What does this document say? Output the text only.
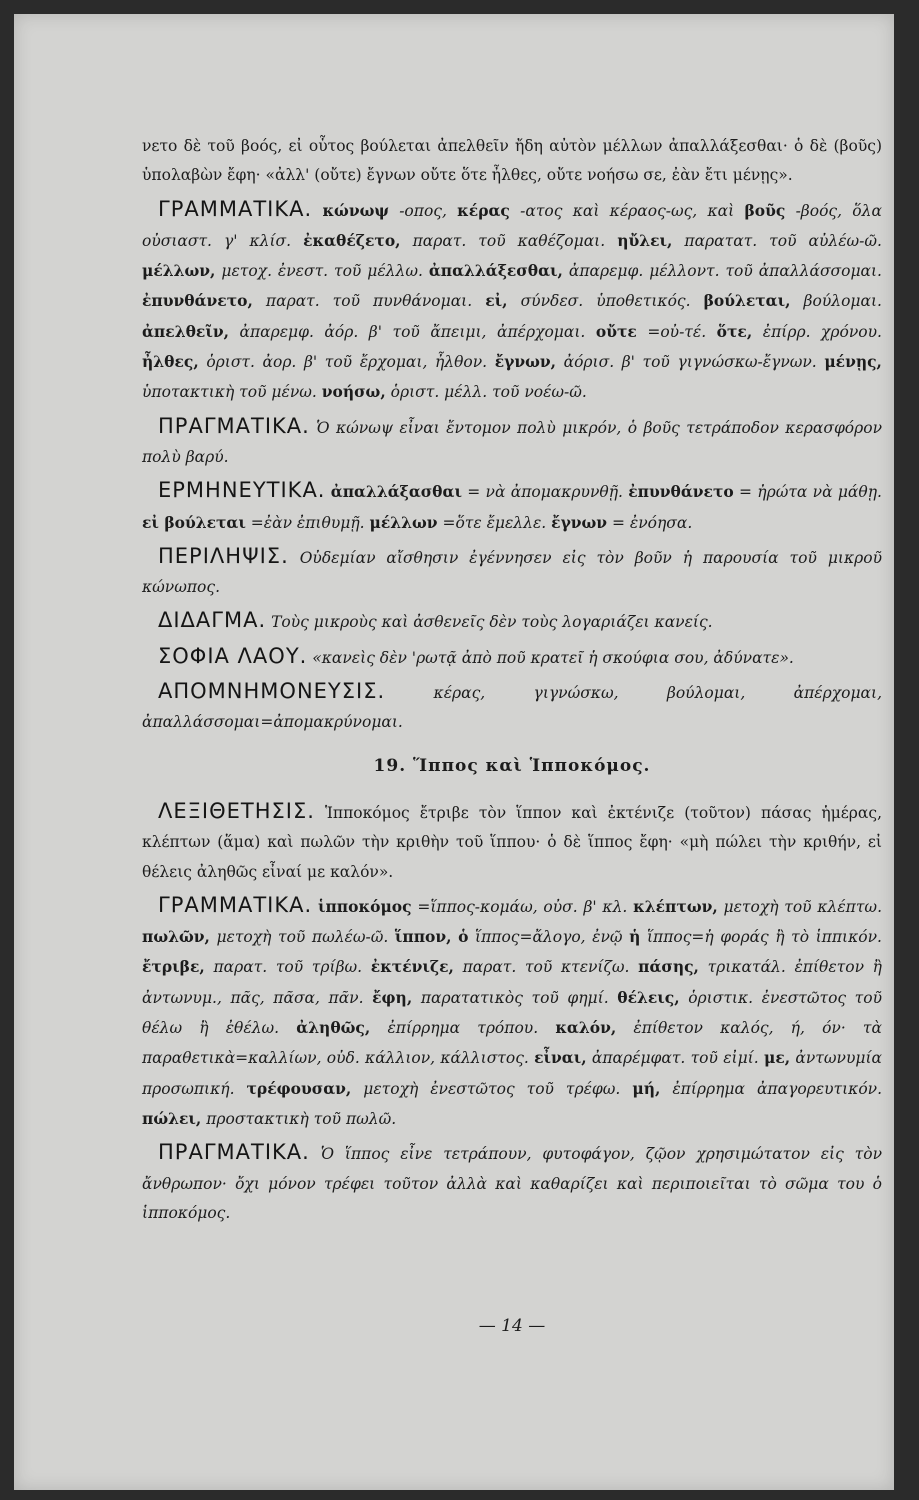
νετο δὲ τοῦ βοός, εἰ οὗτος βούλεται ἀπελθεῖν ἤδη αὐτὸν μέλλων ἀπαλλάξεσθαι· ὁ δὲ (βοῦς) ὑπολαβὼν ἔφη· «ἀλλ' (οὔτε) ἔγνων οὔτε ὅτε ἦλθες, οὔτε νοήσω σε, ἐὰν ἔτι μένῃς».

ΓΡΑΜΜΑΤΙΚΑ. κώνωψ -οπος, κέρας -ατος καὶ κέραος-ως, καὶ βοῦς -βοός, ὅλα οὐσιαστ. γ' κλίσ. ἐκαθέζετο, παρατ. τοῦ καθέζομαι. ηὔλει, παρατατ. τοῦ αὐλέω-ῶ. μέλλων, μετοχ. ἐνεστ. τοῦ μέλλω. ἀπαλλάξεσθαι, ἀπαρεμφ. μέλλοντ. τοῦ ἀπαλλάσσομαι. ἐπυνθάνετο, παρατ. τοῦ πυνθάνομαι. εἰ, σύνδεσ. ὑποθετικός. βούλεται, βούλομαι. ἀπελθεῖν, ἀπαρεμφ. ἀόρ. β' τοῦ ἄπειμι, ἀπέρχομαι. οὔτε =οὐ-τέ. ὅτε, ἐπίρρ. χρόνου. ἦλθες, ὁριστ. ἀορ. β' τοῦ ἔρχομαι, ἦλθον. ἔγνων, ἀόρισ. β' τοῦ γιγνώσκω-ἔγνων. μένῃς, ὑποτακτικὴ τοῦ μένω. νοήσω, ὁριστ. μέλλ. τοῦ νοέω-ῶ.

ΠΡΑΓΜΑΤΙΚΑ. Ὁ κώνωψ εἶναι ἔντομον πολὺ μικρόν, ὁ βοῦς τετράποδον κερασφόρον πολὺ βαρύ.

ΕΡΜΗΝΕΥΤΙΚΑ. ἀπαλλάξασθαι = νὰ ἀπομακρυνθῇ. ἐπυνθάνετο = ἠρώτα νὰ μάθῃ. εἰ βούλεται =ἐὰν ἐπιθυμῇ. μέλλων =ὅτε ἔμελλε. ἔγνων = ἐνόησα.

ΠΕΡΙΛΗΨΙΣ. Οὐδεμίαν αἴσθησιν ἐγέννησεν εἰς τὸν βοῦν ἡ παρουσία τοῦ μικροῦ κώνωπος.

ΔΙΔΑΓΜΑ. Τοὺς μικροὺς καὶ ἀσθενεῖς δὲν τοὺς λογαριάζει κανείς.

ΣΟΦΙΑ ΛΑΟΥ. «κανεὶς δὲν 'ρωτᾷ ἀπὸ ποῦ κρατεῖ ἡ σκούφια σου, ἀδύνατε».

ΑΠΟΜΝΗΜΟΝΕΥΣΙΣ.	κέρας, γιγνώσκω, βούλομαι, ἀπέρχομαι, ἀπαλλάσσομαι=ἀπομακρύνομαι.

19. Ἵππος καὶ Ἱπποκόμος.

ΛΕΞΙΘΕΤΗΣΙΣ. Ἱπποκόμος ἔτριβε τὸν ἵππον καὶ ἐκτένιζε (τοῦτον) πάσας ἡμέρας, κλέπτων (ἅμα) καὶ πωλῶν τὴν κριθὴν τοῦ ἵππου· ὁ δὲ ἵππος ἔφη· «μὴ πώλει τὴν κριθήν, εἰ θέλεις ἀληθῶς εἶναί με καλόν».

ΓΡΑΜΜΑΤΙΚΑ. ἱπποκόμος =ἵππος-κομάω, οὐσ. β' κλ. κλέπτων, μετοχὴ τοῦ κλέπτω. πωλῶν, μετοχὴ τοῦ πωλέω-ῶ. ἵππον, ὁ ἵππος=ἄλογο, ἐνῷ ἡ ἵππος=ἡ φοράς ἢ τὸ ἱππικόν. ἔτριβε, παρατ. τοῦ τρίβω. ἐκτένιζε, παρατ. τοῦ κτενίζω. πάσης, τρικατάλ. ἐπίθετον ἢ ἀντωνυμ., πᾶς, πᾶσα, πᾶν. ἔφη, παρατατικὸς τοῦ φημί. θέλεις, ὁριστικ. ἐνεστῶτος τοῦ θέλω ἢ ἐθέλω. ἀληθῶς, ἐπίρρημα τρόπου. καλόν, ἐπίθετον καλός, ή, όν· τὰ παραθετικὰ=καλλίων, οὐδ. κάλλιον, κάλλιστος. εἶναι, ἀπαρέμφατ. τοῦ εἰμί. με, ἀντωνυμία προσωπική. τρέφουσαν, μετοχὴ ἐνεστῶτος τοῦ τρέφω. μή, ἐπίρρημα ἀπαγορευτικόν. πώλει, προστακτικὴ τοῦ πωλῶ.

ΠΡΑΓΜΑΤΙΚΑ. Ὁ ἵππος εἶνε τετράπουν, φυτοφάγον, ζῷον χρησιμώτατον εἰς τὸν ἄνθρωπον· ὄχι μόνον τρέφει τοῦτον ἀλλὰ καὶ καθαρίζει καὶ περιποιεῖται τὸ σῶμα του ὁ ἱπποκόμος.

— 14 —
